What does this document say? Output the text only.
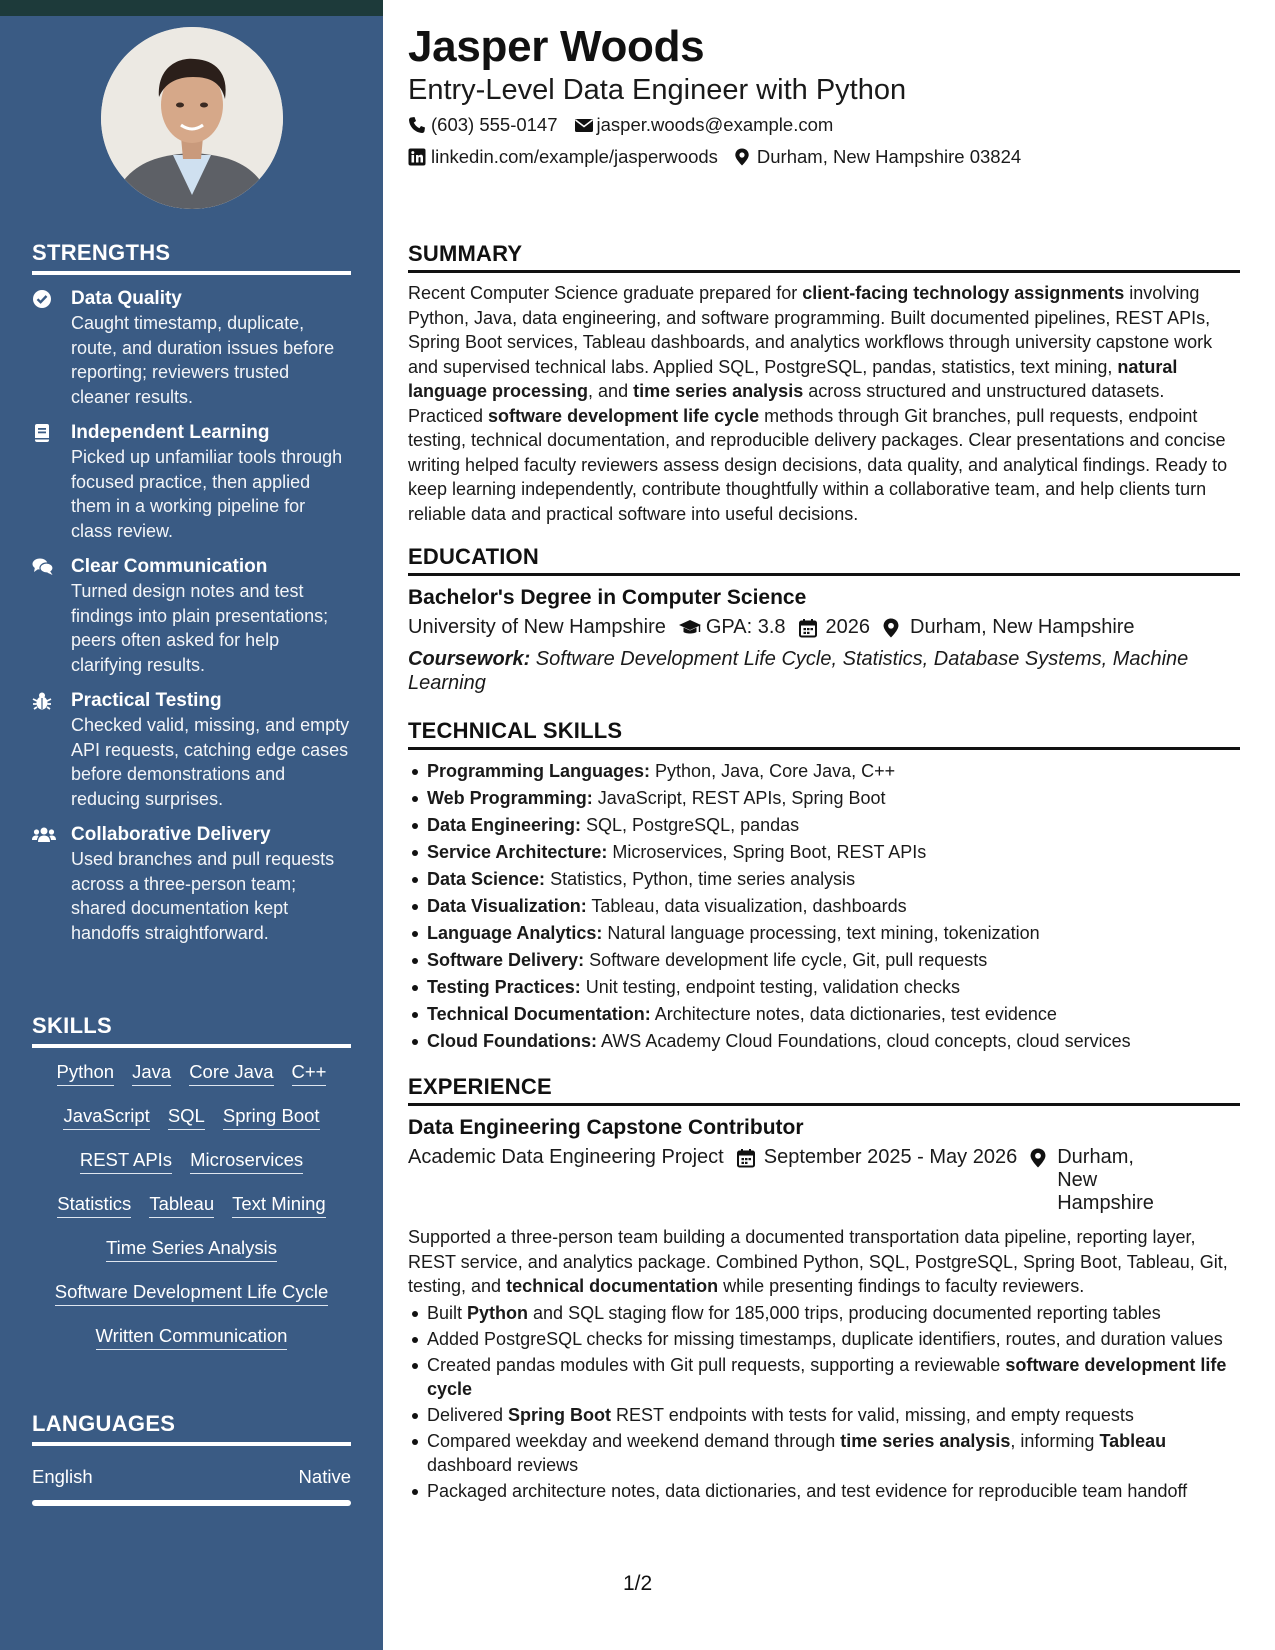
STRENGTHS
Data Quality
Caught timestamp, duplicate, route, and duration issues before reporting; reviewers trusted cleaner results.
Independent Learning
Picked up unfamiliar tools through focused practice, then applied them in a working pipeline for class review.
Clear Communication
Turned design notes and test findings into plain presentations; peers often asked for help clarifying results.
Practical Testing
Checked valid, missing, and empty API requests, catching edge cases before demonstrations and reducing surprises.
Collaborative Delivery
Used branches and pull requests across a three-person team; shared documentation kept handoffs straightforward.
SKILLS
Python Java Core Java C++
JavaScript SQL Spring Boot
REST APIs Microservices
Statistics Tableau Text Mining
Time Series Analysis
Software Development Life Cycle
Written Communication
LANGUAGES
English	Native
Jasper Woods
Entry-Level Data Engineer with Python
(603) 555-0147 jasper.woods@example.com
linkedin.com/example/jasperwoods Durham, New Hampshire 03824
SUMMARY

Recent Computer Science graduate prepared for client-facing technology assignments involving Python, Java, data engineering, and software programming. Built documented pipelines, REST APIs, Spring Boot services, Tableau dashboards, and analytics workflows through university capstone work and supervised technical labs. Applied SQL, PostgreSQL, pandas, statistics, text mining, natural language processing, and time series analysis across structured and unstructured datasets. Practiced software development life cycle methods through Git branches, pull requests, endpoint testing, technical documentation, and reproducible delivery packages. Clear presentations and concise writing helped faculty reviewers assess design decisions, data quality, and analytical findings. Ready to keep learning independently, contribute thoughtfully within a collaborative team, and help clients turn reliable data and practical software into useful decisions.

EDUCATION
Bachelor's Degree in Computer Science
University of New Hampshire GPA: 3.8 2026 Durham, New Hampshire
Coursework: Software Development Life Cycle, Statistics, Database Systems, Machine Learning
TECHNICAL SKILLS
Programming Languages: Python, Java, Core Java, C++
Web Programming: JavaScript, REST APIs, Spring Boot
Data Engineering: SQL, PostgreSQL, pandas
Service Architecture: Microservices, Spring Boot, REST APIs
Data Science: Statistics, Python, time series analysis
Data Visualization: Tableau, data visualization, dashboards
Language Analytics: Natural language processing, text mining, tokenization
Software Delivery: Software development life cycle, Git, pull requests
Testing Practices: Unit testing, endpoint testing, validation checks
Technical Documentation: Architecture notes, data dictionaries, test evidence
Cloud Foundations: AWS Academy Cloud Foundations, cloud concepts, cloud services
EXPERIENCE
Data Engineering Capstone Contributor
Academic Data Engineering Project September 2025 - May 2026 Durham, New Hampshire

Supported a three-person team building a documented transportation data pipeline, reporting layer, REST service, and analytics package. Combined Python, SQL, PostgreSQL, Spring Boot, Tableau, Git, testing, and technical documentation while presenting findings to faculty reviewers.

Built Python and SQL staging flow for 185,000 trips, producing documented reporting tables
Added PostgreSQL checks for missing timestamps, duplicate identifiers, routes, and duration values
Created pandas modules with Git pull requests, supporting a reviewable software development life cycle
Delivered Spring Boot REST endpoints with tests for valid, missing, and empty requests
Compared weekday and weekend demand through time series analysis, informing Tableau dashboard reviews
Packaged architecture notes, data dictionaries, and test evidence for reproducible team handoff
1/2
